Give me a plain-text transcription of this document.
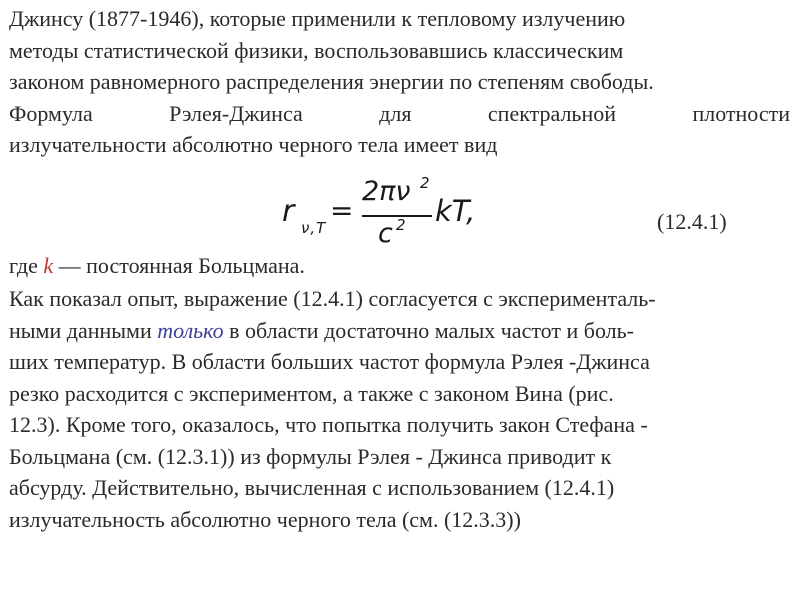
Джинсу (1877-1946), которые применили к тепловому излучению
методы статистической физики, воспользовавшись классическим
законом равномерного распределения энергии по степеням свободы.
Формула Рэлея-Джинса для спектральной плотности
излучательности абсолютно черного тела имеет вид
r ν,T
=
2πν 2
c 2 kT,	(12.4.1)
где k — постоянная Больцмана.
Как показал опыт, выражение (12.4.1) согласуется с эксперименталь-
ными данными только в области достаточно малых частот и боль-
ших температур. В области больших частот формула Рэлея -Джинса
резко расходится с экспериментом, а также с законом Вина (рис.
12.3). Кроме того, оказалось, что попытка получить закон Стефана -
Больцмана (см. (12.3.1)) из формулы Рэлея - Джинса приводит к
абсурду. Действительно, вычисленная с использованием (12.4.1)
излучательность абсолютно черного тела (см. (12.3.3))
